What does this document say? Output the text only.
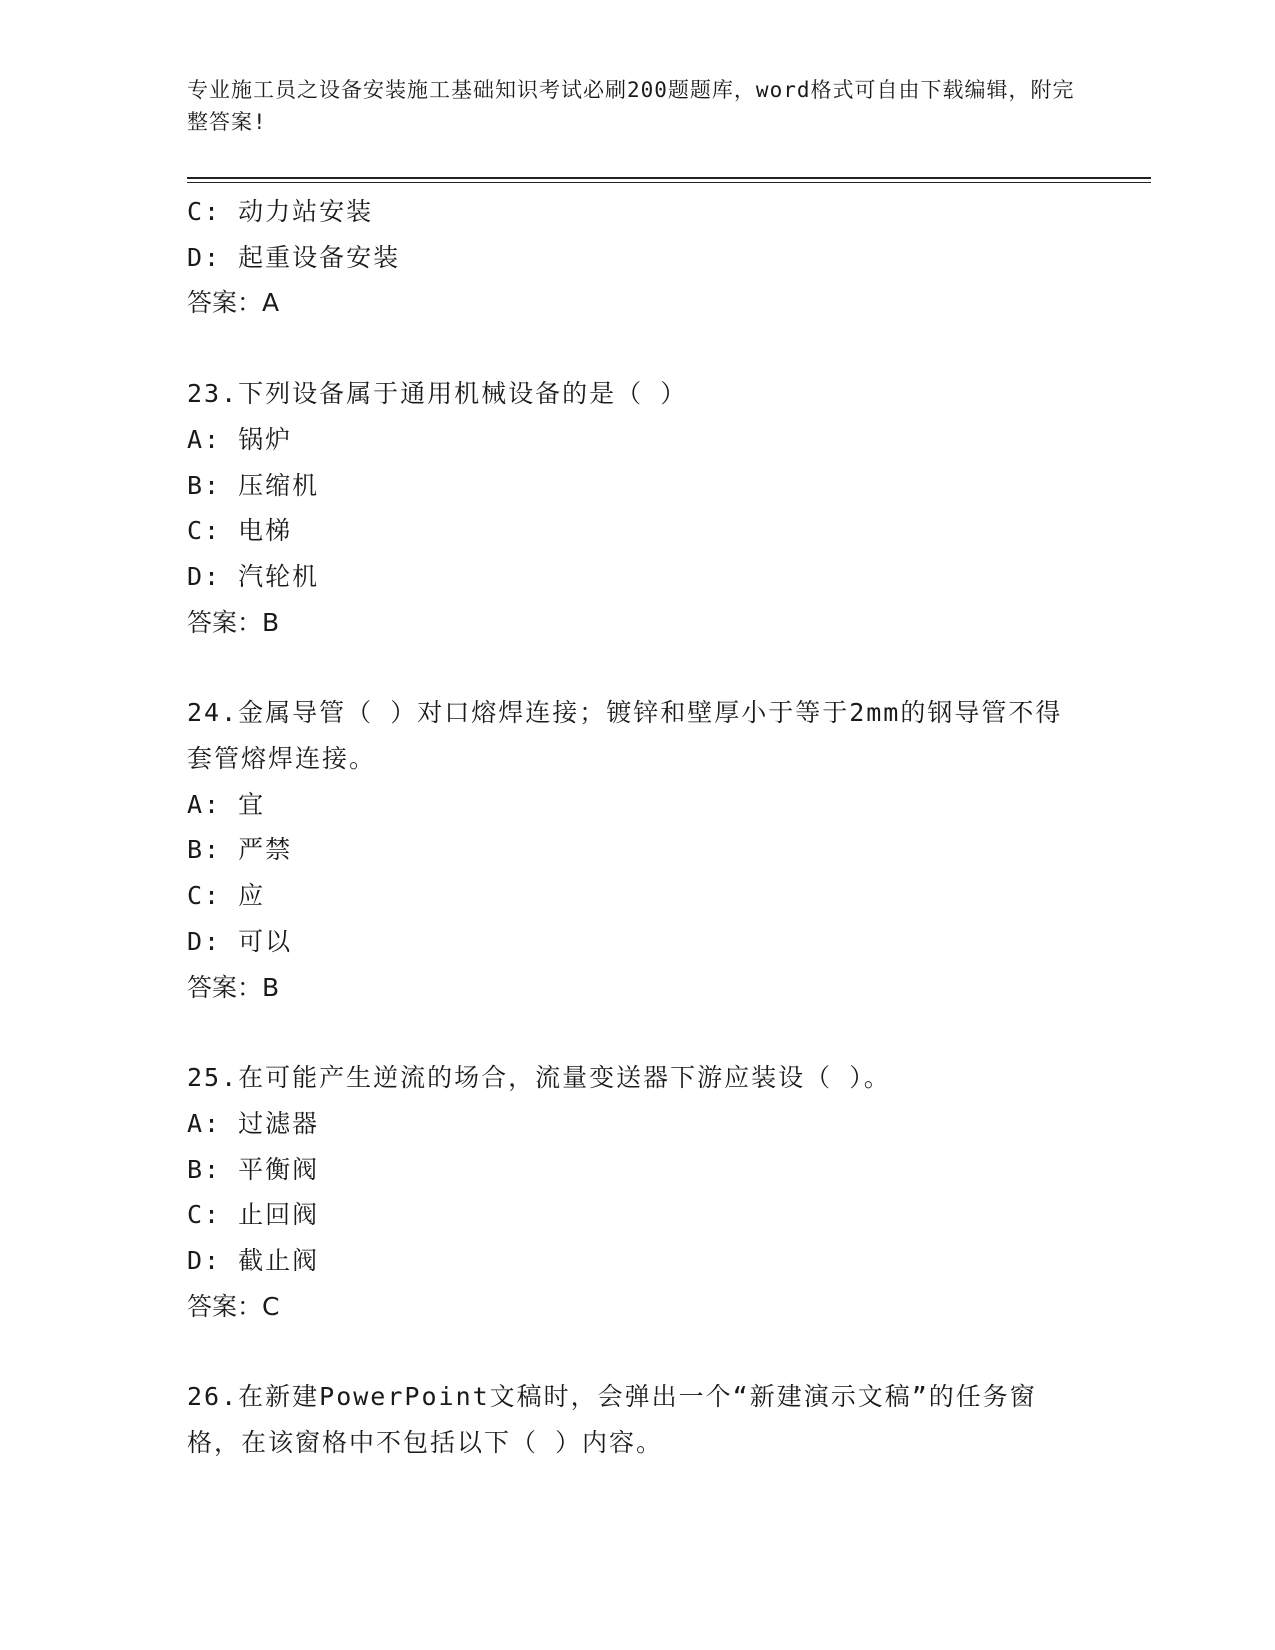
专业施工员之设备安装施工基础知识考试必刷200题题库，word格式可自由下载编辑，附完整答案!
C: 动力站安装
D: 起重设备安装
答案：A
23.下列设备属于通用机械设备的是（ ）
A: 锅炉
B: 压缩机
C: 电梯
D: 汽轮机
答案：B
24.金属导管（ ）对口熔焊连接；镀锌和壁厚小于等于2mm的钢导管不得套管熔焊连接。
A: 宜
B: 严禁
C: 应
D: 可以
答案：B
25.在可能产生逆流的场合，流量变送器下游应装设（ ）。
A: 过滤器
B: 平衡阀
C: 止回阀
D: 截止阀
答案：C
26.在新建PowerPoint文稿时，会弹出一个“新建演示文稿”的任务窗格，在该窗格中不包括以下（ ）内容。
